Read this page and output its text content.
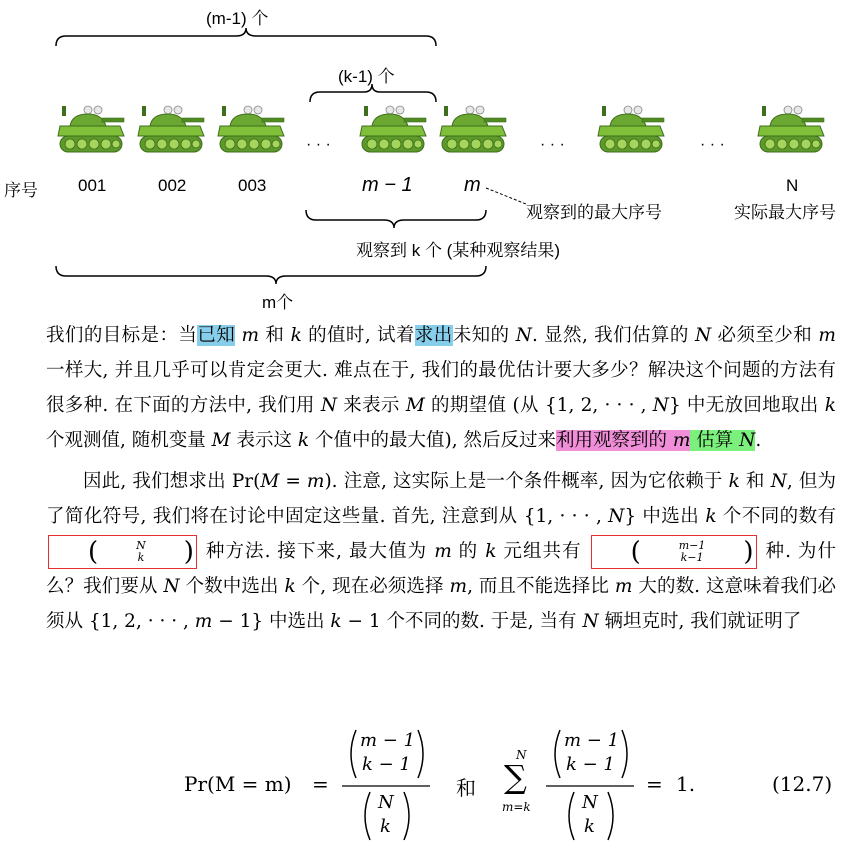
(m-1) 个
(k-1) 个
· · ·	· · ·	· · ·
序号 001	002	003	m − 1	m	N
观察到的最大序号	实际最大序号
观察到 k 个 (某种观察结果)
m个

我们的目标是：当已知 m 和 k 的值时, 试着求出未知的 N. 显然, 我们估算的 N 必须至少和 m 一样大, 并且几乎可以肯定会更大. 难点在于, 我们的最优估计要大多少？解决这个问题的方法有很多种. 在下面的方法中, 我们用 N 来表示 M 的期望值 (从 {1, 2, · · · , N} 中无放回地取出 k 个观测值, 随机变量 M 表示这 k 个值中的最大值), 然后反过来利用观察到的 m 估算 N.

因此, 我们想求出 Pr(M = m). 注意, 这实际上是一个条件概率, 因为它依赖于 k 和 N, 但为了简化符号, 我们将在讨论中固定这些量. 首先, 注意到从 {1, · · · , N} 中选出 k 个不同的数有
(	N
k	) 种方法. 接下来, 最大值为 m 的 k 元组共有	(	m−1
k−1	) 种. 为什么？我们要从 N 个数中选出 k 个, 现在必须选择 m, 而且不能选择比 m 大的数. 这意味着我们必须从 {1, 2, · · · , m − 1} 中选出 k − 1 个不同的数. 于是, 当有 N 辆坦克时, 我们就证明了

Pr(M = m) =
m − 1
k − 1
N
k
和
N
∑
m=k
m − 1
k − 1
N
k
= 1.	(12.7)
